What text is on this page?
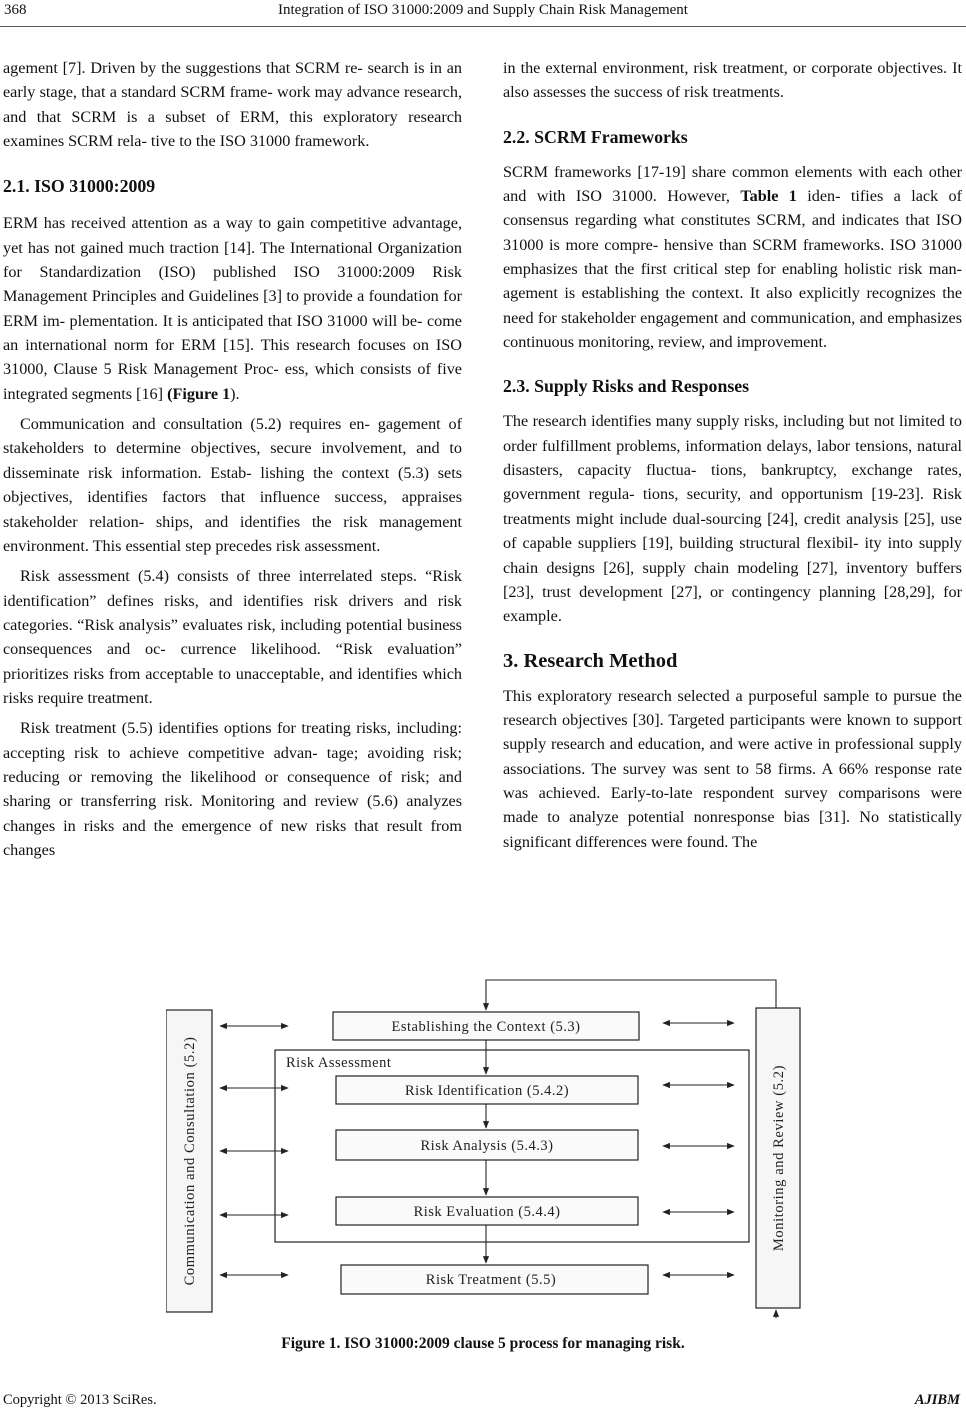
368	Integration of ISO 31000:2009 and Supply Chain Risk Management

agement [7]. Driven by the suggestions that SCRM re- search is in an early stage, that a standard SCRM frame- work may advance research, and that SCRM is a subset of ERM, this exploratory research examines SCRM rela- tive to the ISO 31000 framework.

2.1. ISO 31000:2009

ERM has received attention as a way to gain competitive advantage, yet has not gained much traction [14]. The International Organization for Standardization (ISO) published ISO 31000:2009 Risk Management Principles and Guidelines [3] to provide a foundation for ERM im- plementation. It is anticipated that ISO 31000 will be- come an international norm for ERM [15]. This research focuses on ISO 31000, Clause 5 Risk Management Proc- ess, which consists of five integrated segments [16] (Figure 1).

Communication and consultation (5.2) requires en- gagement of stakeholders to determine objectives, secure involvement, and to disseminate risk information. Estab- lishing the context (5.3) sets objectives, identifies factors that influence success, appraises stakeholder relation- ships, and identifies the risk management environment. This essential step precedes risk assessment.

Risk assessment (5.4) consists of three interrelated steps. “Risk identification” defines risks, and identifies risk drivers and risk categories. “Risk analysis” evaluates risk, including potential business consequences and oc- currence likelihood. “Risk evaluation” prioritizes risks from acceptable to unacceptable, and identifies which risks require treatment.

Risk treatment (5.5) identifies options for treating risks, including: accepting risk to achieve competitive advan- tage; avoiding risk; reducing or removing the likelihood or consequence of risk; and sharing or transferring risk. Monitoring and review (5.6) analyzes changes in risks and the emergence of new risks that result from changes

in the external environment, risk treatment, or corporate objectives. It also assesses the success of risk treatments.

2.2. SCRM Frameworks

SCRM frameworks [17-19] share common elements with each other and with ISO 31000. However, Table 1 iden- tifies a lack of consensus regarding what constitutes SCRM, and indicates that ISO 31000 is more compre- hensive than SCRM frameworks. ISO 31000 emphasizes that the first critical step for enabling holistic risk man- agement is establishing the context. It also explicitly recognizes the need for stakeholder engagement and communication, and emphasizes continuous monitoring, review, and improvement.

2.3. Supply Risks and Responses

The research identifies many supply risks, including but not limited to order fulfillment problems, information delays, labor tensions, natural disasters, capacity fluctua- tions, bankruptcy, exchange rates, government regula- tions, security, and opportunism [19-23]. Risk treatments might include dual-sourcing [24], credit analysis [25], use of capable suppliers [19], building structural flexibil- ity into supply chain designs [26], supply chain modeling [27], inventory buffers [23], trust development [27], or contingency planning [28,29], for example.

3. Research Method

This exploratory research selected a purposeful sample to pursue the research objectives [30]. Targeted participants were known to support supply research and education, and were active in professional supply associations. The survey was sent to 58 firms. A 66% response rate was achieved. Early-to-late respondent survey comparisons were made to analyze potential nonresponse bias [31]. No statistically significant differences were found. The

Communication and Consultation (5.2)	Monitoring and Review (5.2)
Establishing the Context (5.3)
Risk Assessment
Risk Identification (5.4.2)
Risk Analysis (5.4.3)
Risk Evaluation (5.4.4)
Risk Treatment (5.5)
Figure 1. ISO 31000:2009 clause 5 process for managing risk.
Copyright © 2013 SciRes.	AJIBM
